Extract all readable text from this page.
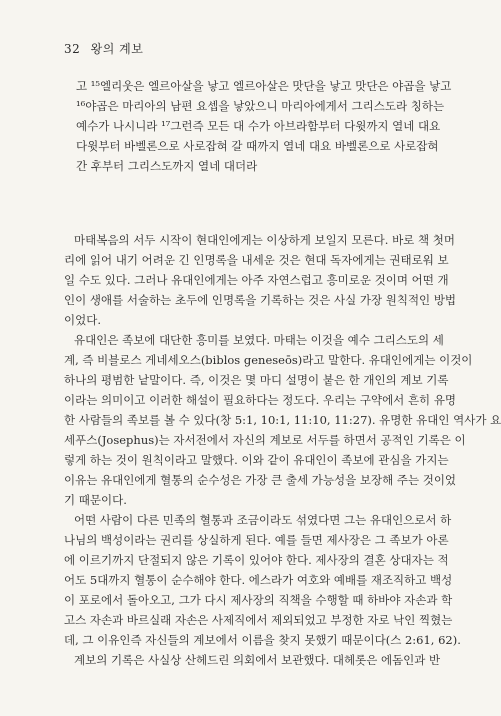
32 왕의 계보
고 ¹⁵엘리웃은 엘르아살을 낳고 엘르아살은 맛단을 낳고 맛단은 야곱을 낳고
¹⁶야곱은 마리아의 남편 요셉을 낳았으니 마리아에게서 그리스도라 칭하는
예수가 나시니라 ¹⁷그런즉 모든 대 수가 아브라함부터 다윗까지 열네 대요
다윗부터 바벨론으로 사로잡혀 갈 때까지 열네 대요 바벨론으로 사로잡혀
간 후부터 그리스도까지 열네 대더라
마태복음의 서두 시작이 현대인에게는 이상하게 보일지 모른다. 바로 책 첫머
리에 읽어 내기 어려운 긴 인명록을 내세운 것은 현대 독자에게는 권태로워 보
일 수도 있다. 그러나 유대인에게는 아주 자연스럽고 흥미로운 것이며 어떤 개
인이 생애를 서술하는 초두에 인명록을 기록하는 것은 사실 가장 원칙적인 방법
이었다.
유대인은 족보에 대단한 흥미를 보였다. 마태는 이것을 예수 그리스도의 세
계, 즉 비블로스 게네세오스(biblos geneseōs)라고 말한다. 유대인에게는 이것이
하나의 평범한 낱말이다. 즉, 이것은 몇 마디 설명이 붙은 한 개인의 계보 기록
이라는 의미이고 이러한 해설이 필요하다는 정도다. 우리는 구약에서 흔히 유명
한 사람들의 족보를 볼 수 있다(창 5:1, 10:1, 11:10, 11:27). 유명한 유대인 역사가 요
세푸스(Josephus)는 자서전에서 자신의 계보로 서두를 하면서 공적인 기록은 이
렇게 하는 것이 원칙이라고 말했다. 이와 같이 유대인이 족보에 관심을 가지는
이유는 유대인에게 혈통의 순수성은 가장 큰 출세 가능성을 보장해 주는 것이었
기 때문이다.
어떤 사람이 다른 민족의 혈통과 조금이라도 섞였다면 그는 유대인으로서 하
나님의 백성이라는 권리를 상실하게 된다. 예를 들면 제사장은 그 족보가 아론
에 이르기까지 단절되지 않은 기록이 있어야 한다. 제사장의 결혼 상대자는 적
어도 5대까지 혈통이 순수해야 한다. 에스라가 여호와 예배를 재조직하고 백성
이 포로에서 돌아오고, 그가 다시 제사장의 직책을 수행할 때 하바야 자손과 학
고스 자손과 바르실래 자손은 사제직에서 제외되었고 부정한 자로 낙인 찍혔는
데, 그 이유인즉 자신들의 계보에서 이름을 찾지 못했기 때문이다(스 2:61, 62).
계보의 기록은 사실상 산헤드린 의회에서 보관했다. 대헤롯은 에돔인과 반
